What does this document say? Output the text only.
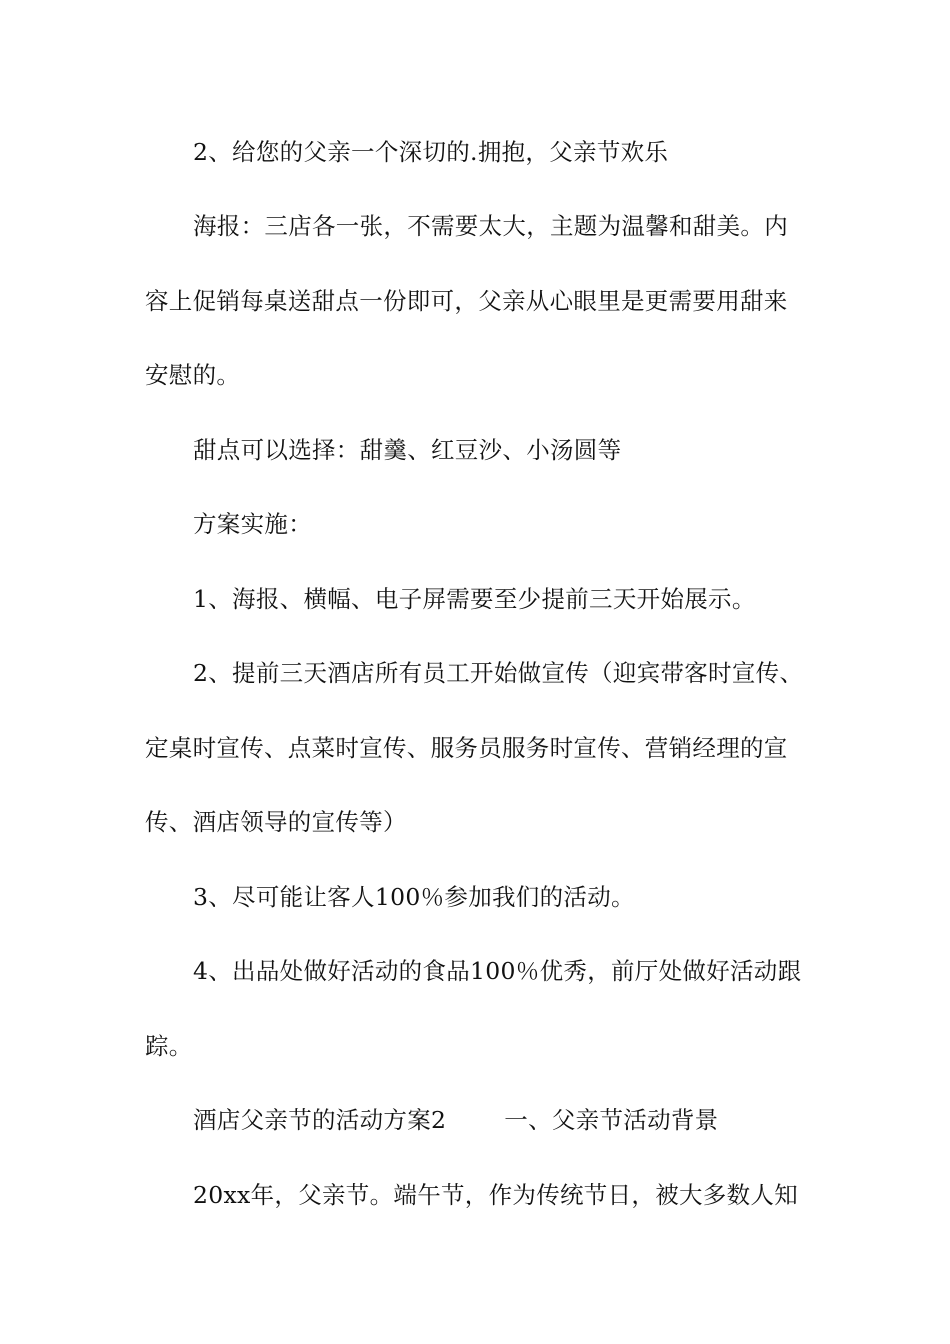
2、给您的父亲一个深切的.拥抱，父亲节欢乐
海报：三店各一张，不需要太大，主题为温馨和甜美。内
容上促销每桌送甜点一份即可，父亲从心眼里是更需要用甜来
安慰的。
甜点可以选择：甜羹、红豆沙、小汤圆等
方案实施：
1、海报、横幅、电子屏需要至少提前三天开始展示。
2、提前三天酒店所有员工开始做宣传（迎宾带客时宣传、
定桌时宣传、点菜时宣传、服务员服务时宣传、营销经理的宣
传、酒店领导的宣传等）
3、尽可能让客人100％参加我们的活动。
4、出品处做好活动的食品100％优秀，前厅处做好活动跟
踪。
酒店父亲节的活动方案2 一、父亲节活动背景
20xx年，父亲节。端午节，作为传统节日，被大多数人知
